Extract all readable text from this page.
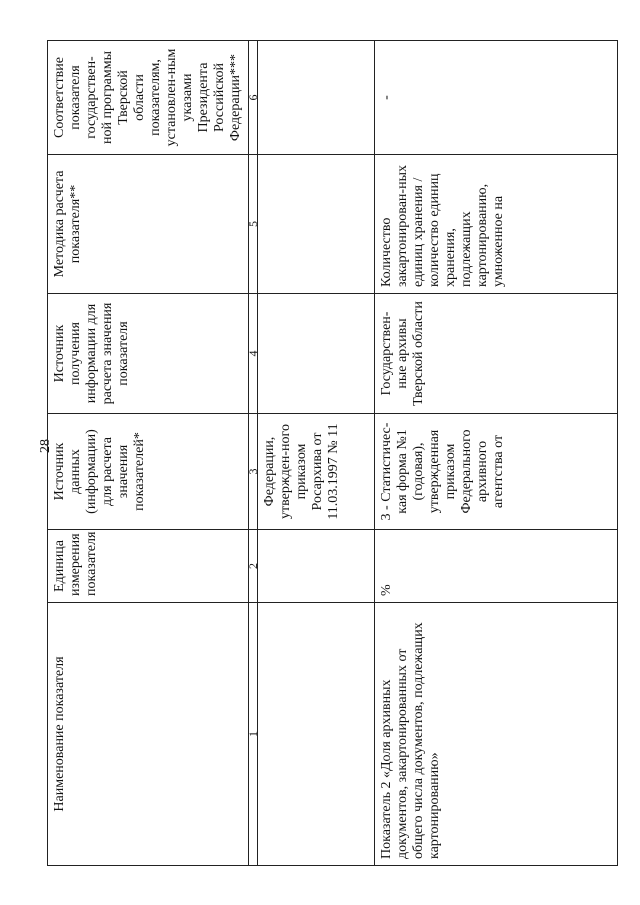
28
Наименование показателя	Единица измерения показателя	Источник данных (информации) для расчета значения показателей*	Источник получения информации для расчета значения показателя	Методика расчета показателя**	Соответствие показателя государствен-ной программы Тверской области показателям, установлен-ным указами Президента Российской Федерации***
1	2	3	4	5	6
		Федерации, утвержден-ного приказом Росархива от 11.03.1997 № 11			
Показатель 2 «Доля архивных документов, закартонированных от общего числа документов, подлежащих картонированию»	%	3 - Статистичес-кая форма №1 (годовая), утвержденная приказом Федерального архивного агентства от	Государствен-ные архивы Тверской области	Количество закартонирован-ных единиц хранения / количество единиц хранения, подлежащих картонированию, умноженное на	-
